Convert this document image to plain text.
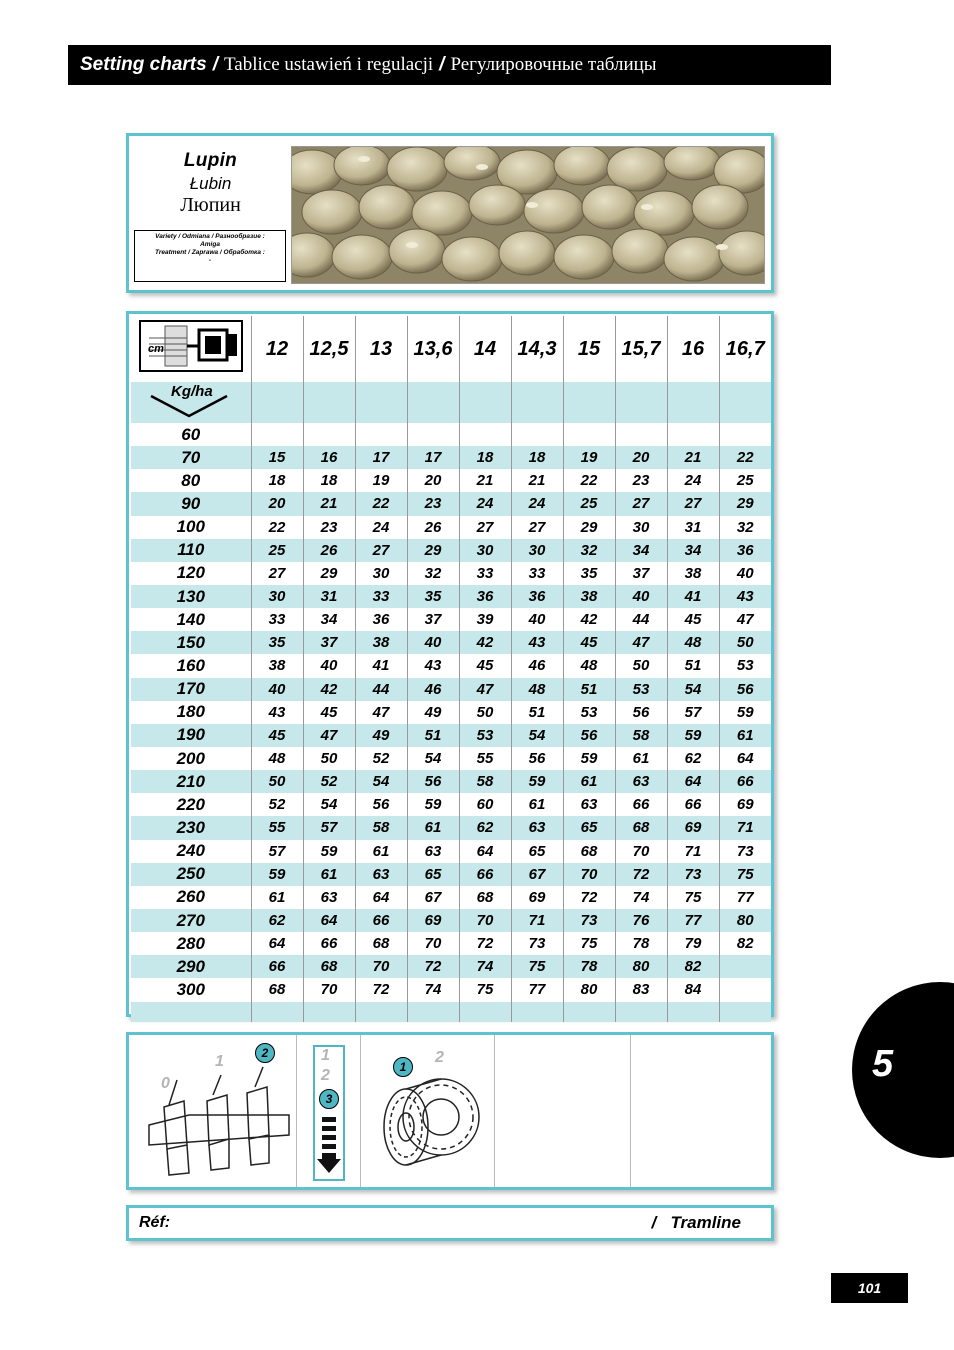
Setting charts / Tablice ustawień i regulacji / Регулировочные таблицы
Lupin
Łubin
Люпин
Variety / Odmiana / Разнообразие :
Amiga
Treatment / Zaprawa / Обработка :
-
cm	12	12,5	13	13,6	14	14,3	15	15,7	16	16,7

Kg/ha										

60										
70	15	16	17	17	18	18	19	20	21	22
80	18	18	19	20	21	21	22	23	24	25
90	20	21	22	23	24	24	25	27	27	29
100	22	23	24	26	27	27	29	30	31	32
110	25	26	27	29	30	30	32	34	34	36
120	27	29	30	32	33	33	35	37	38	40
130	30	31	33	35	36	36	38	40	41	43
140	33	34	36	37	39	40	42	44	45	47
150	35	37	38	40	42	43	45	47	48	50
160	38	40	41	43	45	46	48	50	51	53
170	40	42	44	46	47	48	51	53	54	56
180	43	45	47	49	50	51	53	56	57	59
190	45	47	49	51	53	54	56	58	59	61
200	48	50	52	54	55	56	59	61	62	64
210	50	52	54	56	58	59	61	63	64	66
220	52	54	56	59	60	61	63	66	66	69
230	55	57	58	61	62	63	65	68	69	71
240	57	59	61	63	64	65	68	70	71	73
250	59	61	63	65	66	67	70	72	73	75
260	61	63	64	67	68	69	72	74	75	77
270	62	64	66	69	70	71	73	76	77	80
280	64	66	68	70	72	73	75	78	79	82
290	66	68	70	72	74	75	78	80	82	
300	68	70	72	74	75	77	80	83	84	

0
1	2	1
2
3
1
2
Réf:	/ Tramline
5
101
